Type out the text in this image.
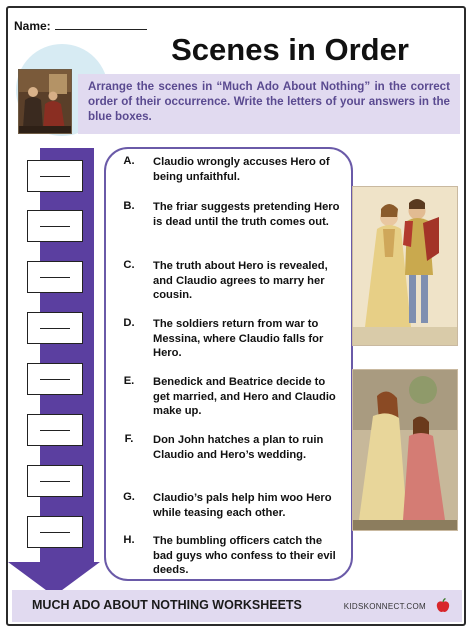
Name:
Scenes in Order
Arrange the scenes in “Much Ado About Nothing” in the correct order of their occurrence. Write the letters of your answers in the blue boxes.
A.	Claudio wrongly accuses Hero of being unfaithful.
B.	The friar suggests pretending Hero is dead until the truth comes out.
C.	The truth about Hero is revealed, and Claudio agrees to marry her cousin.
D.	The soldiers return from war to Messina, where Claudio falls for Hero.
E.	Benedick and Beatrice decide to get married, and Hero and Claudio make up.
F.	Don John hatches a plan to ruin Claudio and Hero’s wedding.
G.	Claudio’s pals help him woo Hero while teasing each other.
H.	The bumbling officers catch the bad guys who confess to their evil deeds.
MUCH ADO ABOUT NOTHING WORKSHEETS	KIDSKONNECT.COM
